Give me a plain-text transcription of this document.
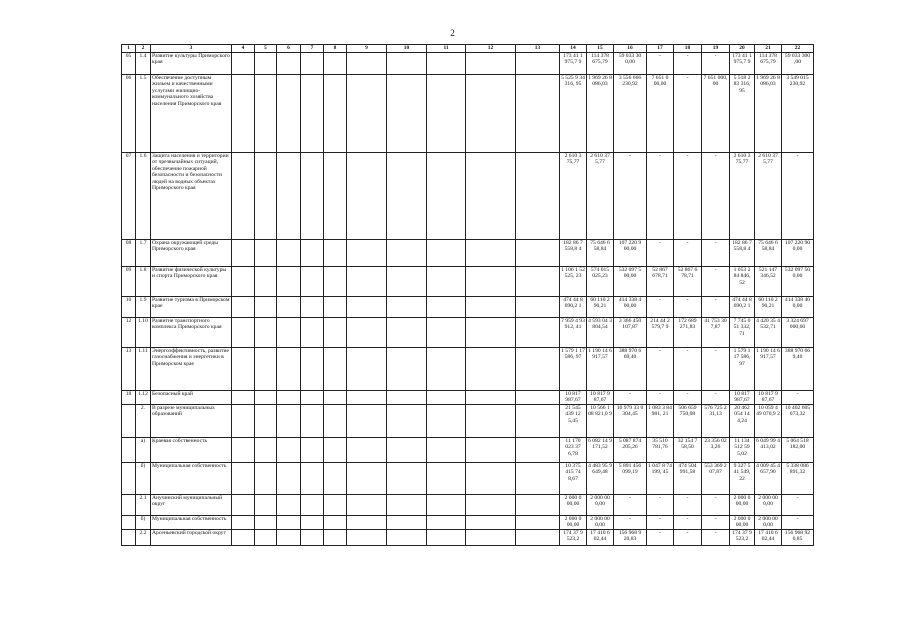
2
1	2	3	4	5	6	7	8	9	10	11	12	13	14	15	16	17	18	19	20	21	22
05	1.4	Развитие культуры Приморского края											173 41 1 975,7 9	114 378 675,79	59 033 30 0,00	-	-	-	173 41 1 975,7 9	114 378 675,79	59 033 300 ,00
06	1.5	Обеспечение доступным жильем и качественными услугами жилищно-коммунального хозяйства населения Приморского края											5 525 9 34 316, 95	1 969 26 8 086,03	3 556 666 230,92	7 651 0 00,00	-	7 651 000, 00	5 518 2 83 316, 95	1 969 26 8 086,03	3 549 015 230,92
07	1.6	Защита населения и территории от чрезвычайных ситуаций, обеспечение пожарной безопасности и безопасности людей на водных объектах Приморского края											2 610 3 75,77	2 610 37 5,77	-	-	-	-	2 610 3 75,77	2 610 37 5,77	-
08	1.7	Охрана окружающей среды Приморского края											182 86 7 558,8 4	75 646 6 58,84	107 220 9 00,00	-	-	-	182 86 7 558,8 4	75 646 6 58,84	107 220 90 0,00
09	1.8	Развитие физической культуры и спорта Приморского края											1 106 1 52 525, 23	574 015 025,23	532 097 5 00,00	52 867 678,71	52 867 6 78,71	-	1 053 2 84 846, 52	521 147 346,52	532 097 50 0,00
10	1.9	Развитие туризма в Приморском крае											474 44 8 690,2 1	60 110 2 90,21	414 338 4 00,00	-	-	-	474 44 8 690,2 1	60 110 2 90,21	414 338 40 0,00
12	1.10	Развитие транспортного комплекса Приморского края											7 959 4 93 912, 41	4 593 04 3 804,54	3 366 450 107,87	214 44 2 579,7 9	172 689 271,83	41 753 30 7,87	7 745 0 51 332, 71	4 420 35 4 532,71	3 324 697 000,00
13	1.11	Энергоэффективность, развитие газоснабжения и энергетики в Приморском крае											1 579 1 17 586, 97	1 190 14 6 917,57	388 970 6 69,40	-	-	-	1 579 1 17 586, 97	1 190 14 6 917,57	388 970 66 9,40
18	1.12	Безопасный край											10 817 987,67	10 817 9 87,67	-	-	-	-	10 817 987,67	10 817 9 87,67	-
	2.	В разрезе муниципальных образований											21 545 439 12 5,45	10 566 1 08 821,0 9	10 979 33 0 304,45	1 083 3 84 981, 21	506 659 750,08	576 725 2 31,13	20 462 054 14 4,24	10 059 4 49 070,9 2	10 402 605 073,32
	а)	Краевая собственность											11 170 023 37 6,78	6 082 14 9 171,52	5 087 874 205,26	35 510 781,76	32 154 7 58,50	23 356 02 3,26	11 134 512 59 5,02	6 049 99 4 413,02	5 064 518 182,00
	б)	Муниципальная собственность											10 375 415 74 8,67	4 483 95 9 649,48	5 891 456 099,19	1 047 8 74 199, 45	474 504 991,58	553 369 2 07,87	9 327 5 41 549, 22	4 009 45 4 657,90	5 338 086 891,32
	2.1	Анучинский муниципальный округ											2 000 0 00,00	2 000 00 0,00	-	-	-	-	2 000 0 00,00	2 000 00 0,00	-
	б)	Муниципальная собственность											2 000 0 00,00	2 000 00 0,00	-	-	-	-	2 000 0 00,00	2 000 00 0,00	-
	2.2	Арсеньевский городской округ											174 37 9 523,2	17 410 6 02,44	156 968 9 20,83	-	-	-	174 37 9 523,2	17 410 6 02,44	156 968 92 0,85
